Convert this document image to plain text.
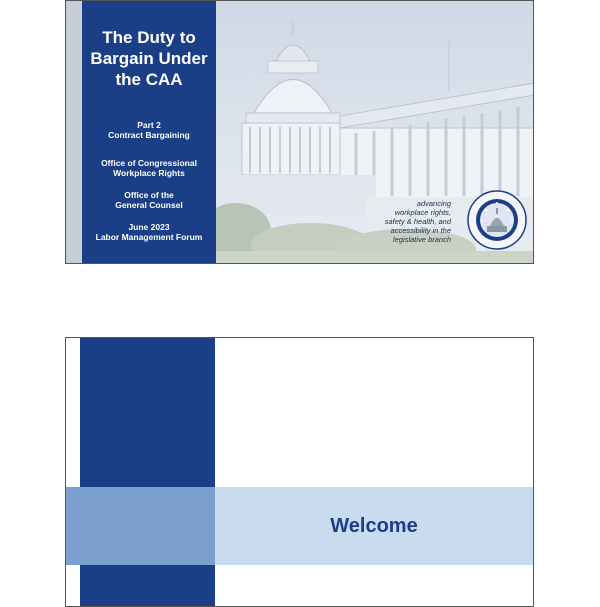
The Duty to Bargain Under the CAA
Part 2
Contract Bargaining
Office of Congressional
Workplace Rights
Office of the
General Counsel
June 2023
Labor Management Forum
advancing
workplace rights,
safety & health, and
accessibility in the
legislative branch
Welcome
